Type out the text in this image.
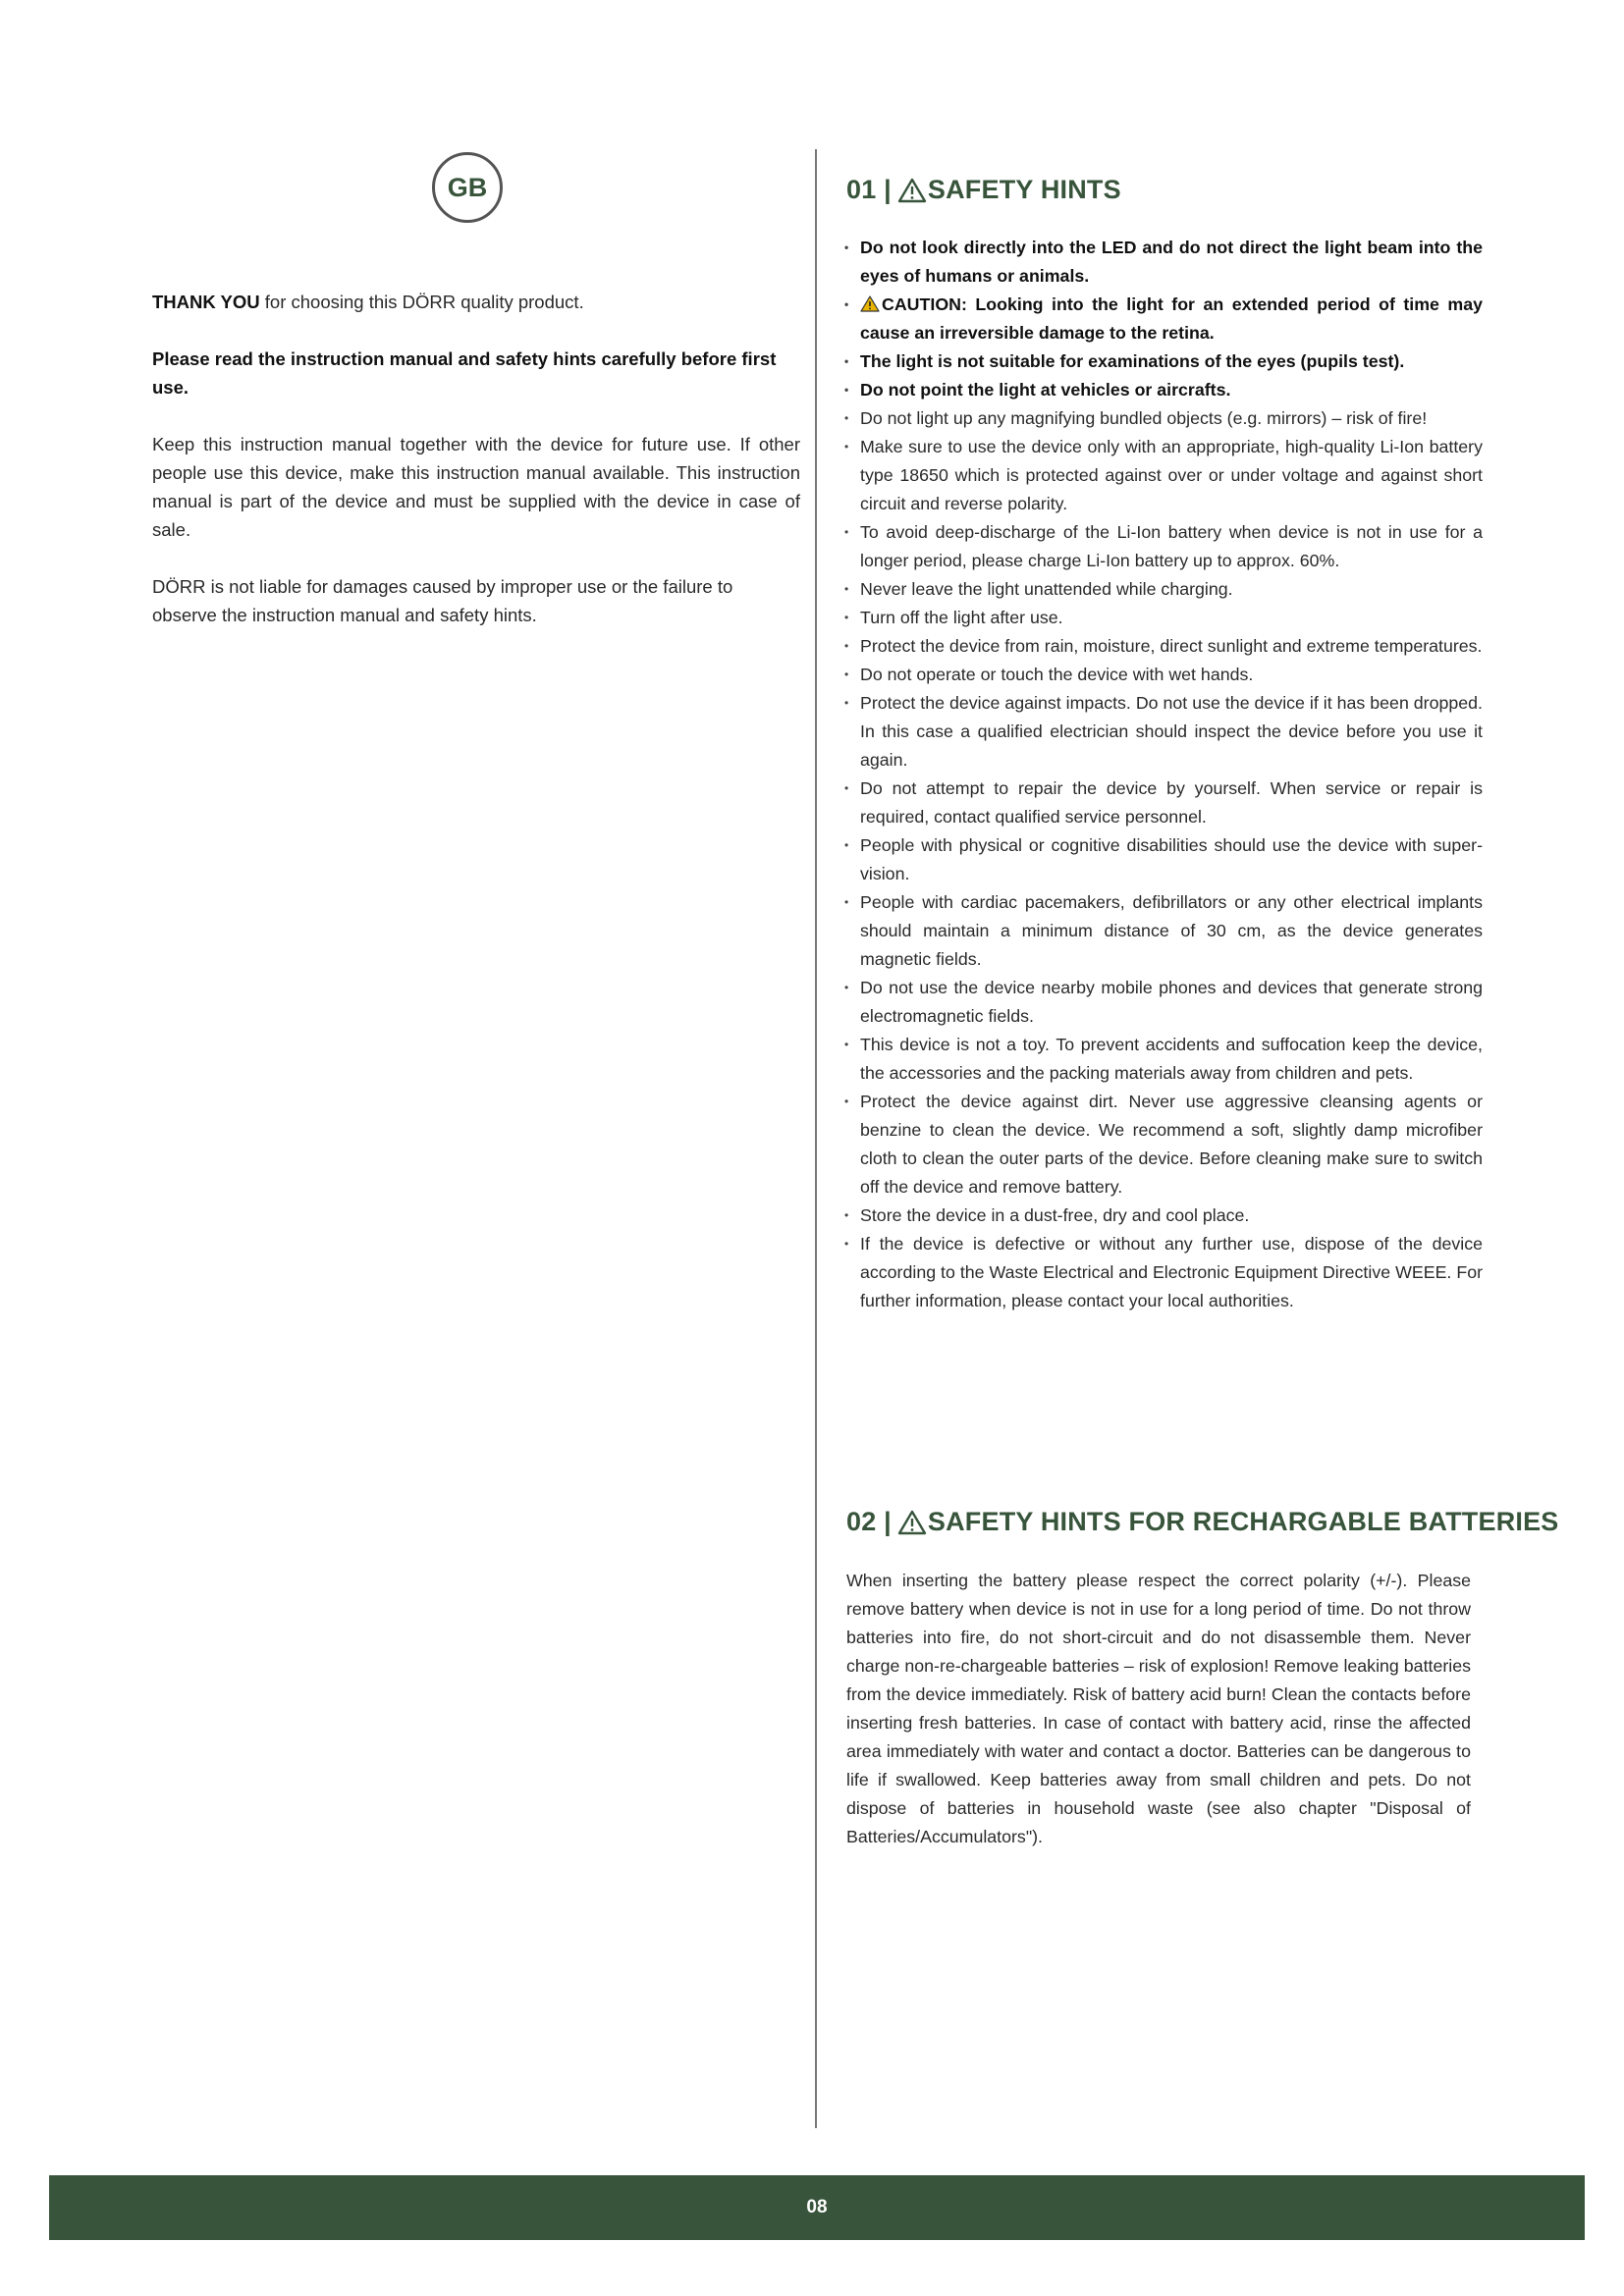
GB

THANK YOU for choosing this DÖRR quality product.

Please read the instruction manual and safety hints carefully before first use.

Keep this instruction manual together with the device for future use. If other people use this device, make this instruction manual available. This instruction manual is part of the device and must be supplied with the device in case of sale.

DÖRR is not liable for damages caused by improper use or the failure to observe the instruction manual and safety hints.

01 | SAFETY HINTS
• Do not look directly into the LED and do not direct the light beam into the eyes of humans or animals.
• CAUTION: Looking into the light for an extended period of time may cause an irreversible damage to the retina.
• The light is not suitable for examinations of the eyes (pupils test).
• Do not point the light at vehicles or aircrafts.
• Do not light up any magnifying bundled objects (e.g. mirrors) – risk of fire!
• Make sure to use the device only with an appropriate, high-quality Li-Ion battery type 18650 which is protected against over or under voltage and against short circuit and reverse polarity.
• To avoid deep-discharge of the Li-Ion battery when device is not in use for a longer period, please charge Li-Ion battery up to approx. 60%.
• Never leave the light unattended while charging.
• Turn off the light after use.
• Protect the device from rain, moisture, direct sunlight and extreme temperatures.
• Do not operate or touch the device with wet hands.
• Protect the device against impacts. Do not use the device if it has been dropped. In this case a qualified electrician should inspect the device before you use it again.
• Do not attempt to repair the device by yourself. When service or repair is required, contact qualified service personnel.
• People with physical or cognitive disabilities should use the device with super-vision.
• People with cardiac pacemakers, defibrillators or any other electrical implants should maintain a minimum distance of 30 cm, as the device generates magnetic fields.
• Do not use the device nearby mobile phones and devices that generate strong electromagnetic fields.
• This device is not a toy. To prevent accidents and suffocation keep the device, the accessories and the packing materials away from children and pets.
• Protect the device against dirt. Never use aggressive cleansing agents or benzine to clean the device. We recommend a soft, slightly damp microfiber cloth to clean the outer parts of the device. Before cleaning make sure to switch off the device and remove battery.
• Store the device in a dust-free, dry and cool place.
• If the device is defective or without any further use, dispose of the device according to the Waste Electrical and Electronic Equipment Directive WEEE. For further information, please contact your local authorities.
02 | SAFETY HINTS FOR RECHARGABLE BATTERIES

When inserting the battery please respect the correct polarity (+/-). Please remove battery when device is not in use for a long period of time. Do not throw batteries into fire, do not short-circuit and do not disassemble them. Never charge non-re-chargeable batteries – risk of explosion! Remove leaking batteries from the device immediately. Risk of battery acid burn! Clean the contacts before inserting fresh batteries. In case of contact with battery acid, rinse the affected area immediately with water and contact a doctor. Batteries can be dangerous to life if swallowed. Keep batteries away from small children and pets. Do not dispose of batteries in household waste (see also chapter "Disposal of Batteries/Accumulators").

08
